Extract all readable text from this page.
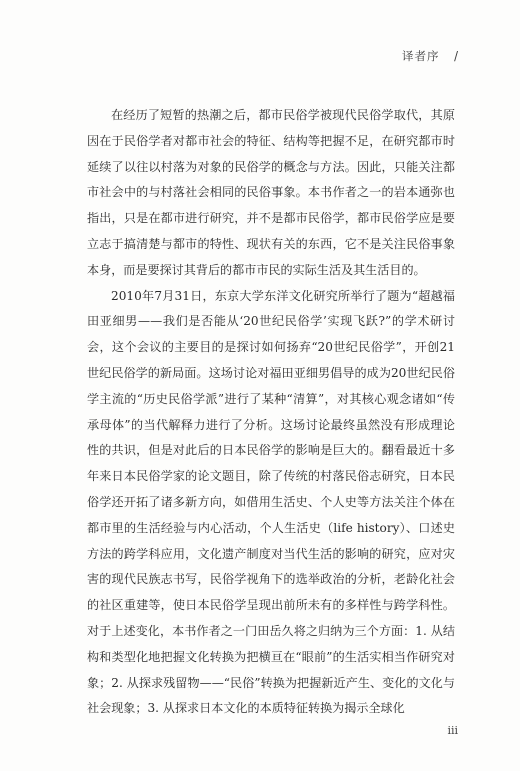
译者序 /

在经历了短暂的热潮之后，都市民俗学被现代民俗学取代，其原因在于民俗学者对都市社会的特征、结构等把握不足，在研究都市时延续了以往以村落为对象的民俗学的概念与方法。因此，只能关注都市社会中的与村落社会相同的民俗事象。本书作者之一的岩本通弥也指出，只是在都市进行研究，并不是都市民俗学，都市民俗学应是要立志于搞清楚与都市的特性、现状有关的东西，它不是关注民俗事象本身，而是要探讨其背后的都市市民的实际生活及其生活目的。

2010年7月31日，东京大学东洋文化研究所举行了题为“超越福田亚细男——我们是否能从‘20世纪民俗学’实现飞跃?”的学术研讨会，这个会议的主要目的是探讨如何扬弃“20世纪民俗学”，开创21世纪民俗学的新局面。这场讨论对福田亚细男倡导的成为20世纪民俗学主流的“历史民俗学派”进行了某种“清算”，对其核心观念诸如“传承母体”的当代解释力进行了分析。这场讨论最终虽然没有形成理论性的共识，但是对此后的日本民俗学的影响是巨大的。翻看最近十多年来日本民俗学家的论文题目，除了传统的村落民俗志研究，日本民俗学还开拓了诸多新方向，如借用生活史、个人史等方法关注个体在都市里的生活经验与内心活动，个人生活史（life history）、口述史方法的跨学科应用，文化遗产制度对当代生活的影响的研究，应对灾害的现代民族志书写，民俗学视角下的选举政治的分析，老龄化社会的社区重建等，使日本民俗学呈现出前所未有的多样性与跨学科性。对于上述变化，本书作者之一门田岳久将之归纳为三个方面：1. 从结构和类型化地把握文化转换为把横亘在“眼前”的生活实相当作研究对象；2. 从探求残留物——“民俗”转换为把握新近产生、变化的文化与社会现象；3. 从探求日本文化的本质特征转换为揭示全球化

iii
